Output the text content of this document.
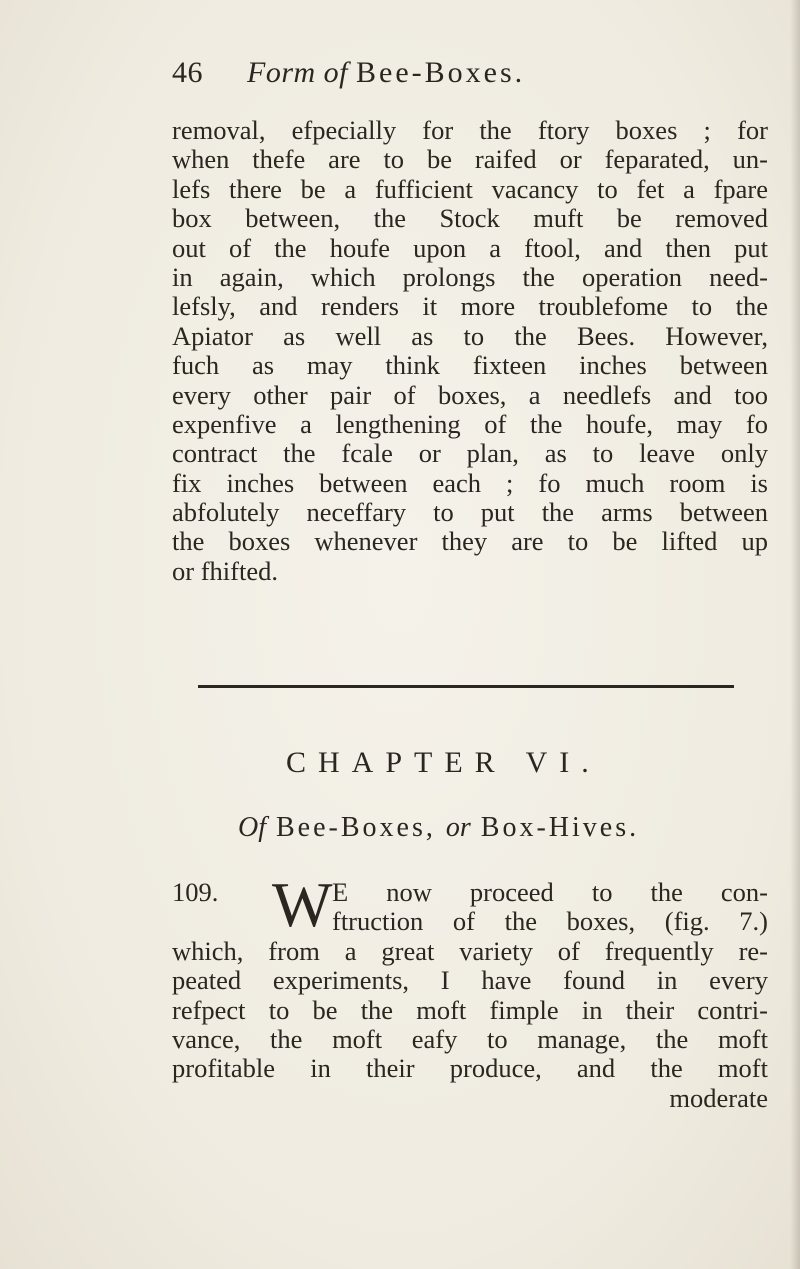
46 Form of Bee-Boxes.
removal, efpecially for the ftory boxes ; for
when thefe are to be raifed or feparated, un-
lefs there be a fufficient vacancy to fet a fpare
box between, the Stock muft be removed
out of the houfe upon a ftool, and then put
in again, which prolongs the operation need-
lefsly, and renders it more troublefome to the
Apiator as well as to the Bees. However,
fuch as may think fixteen inches between
every other pair of boxes, a needlefs and too
expenfive a lengthening of the houfe, may fo
contract the fcale or plan, as to leave only
fix inches between each ; fo much room is
abfolutely neceffary to put the arms between
the boxes whenever they are to be lifted up
or fhifted.
CHAPTER VI.
Of Bee-Boxes, or Box-Hives.
W
109.	E now proceed to the con-
ftruction of the boxes, (fig. 7.)
which, from a great variety of frequently re-
peated experiments, I have found in every
refpect to be the moft fimple in their contri-
vance, the moft eafy to manage, the moft
profitable in their produce, and the moft
moderate
